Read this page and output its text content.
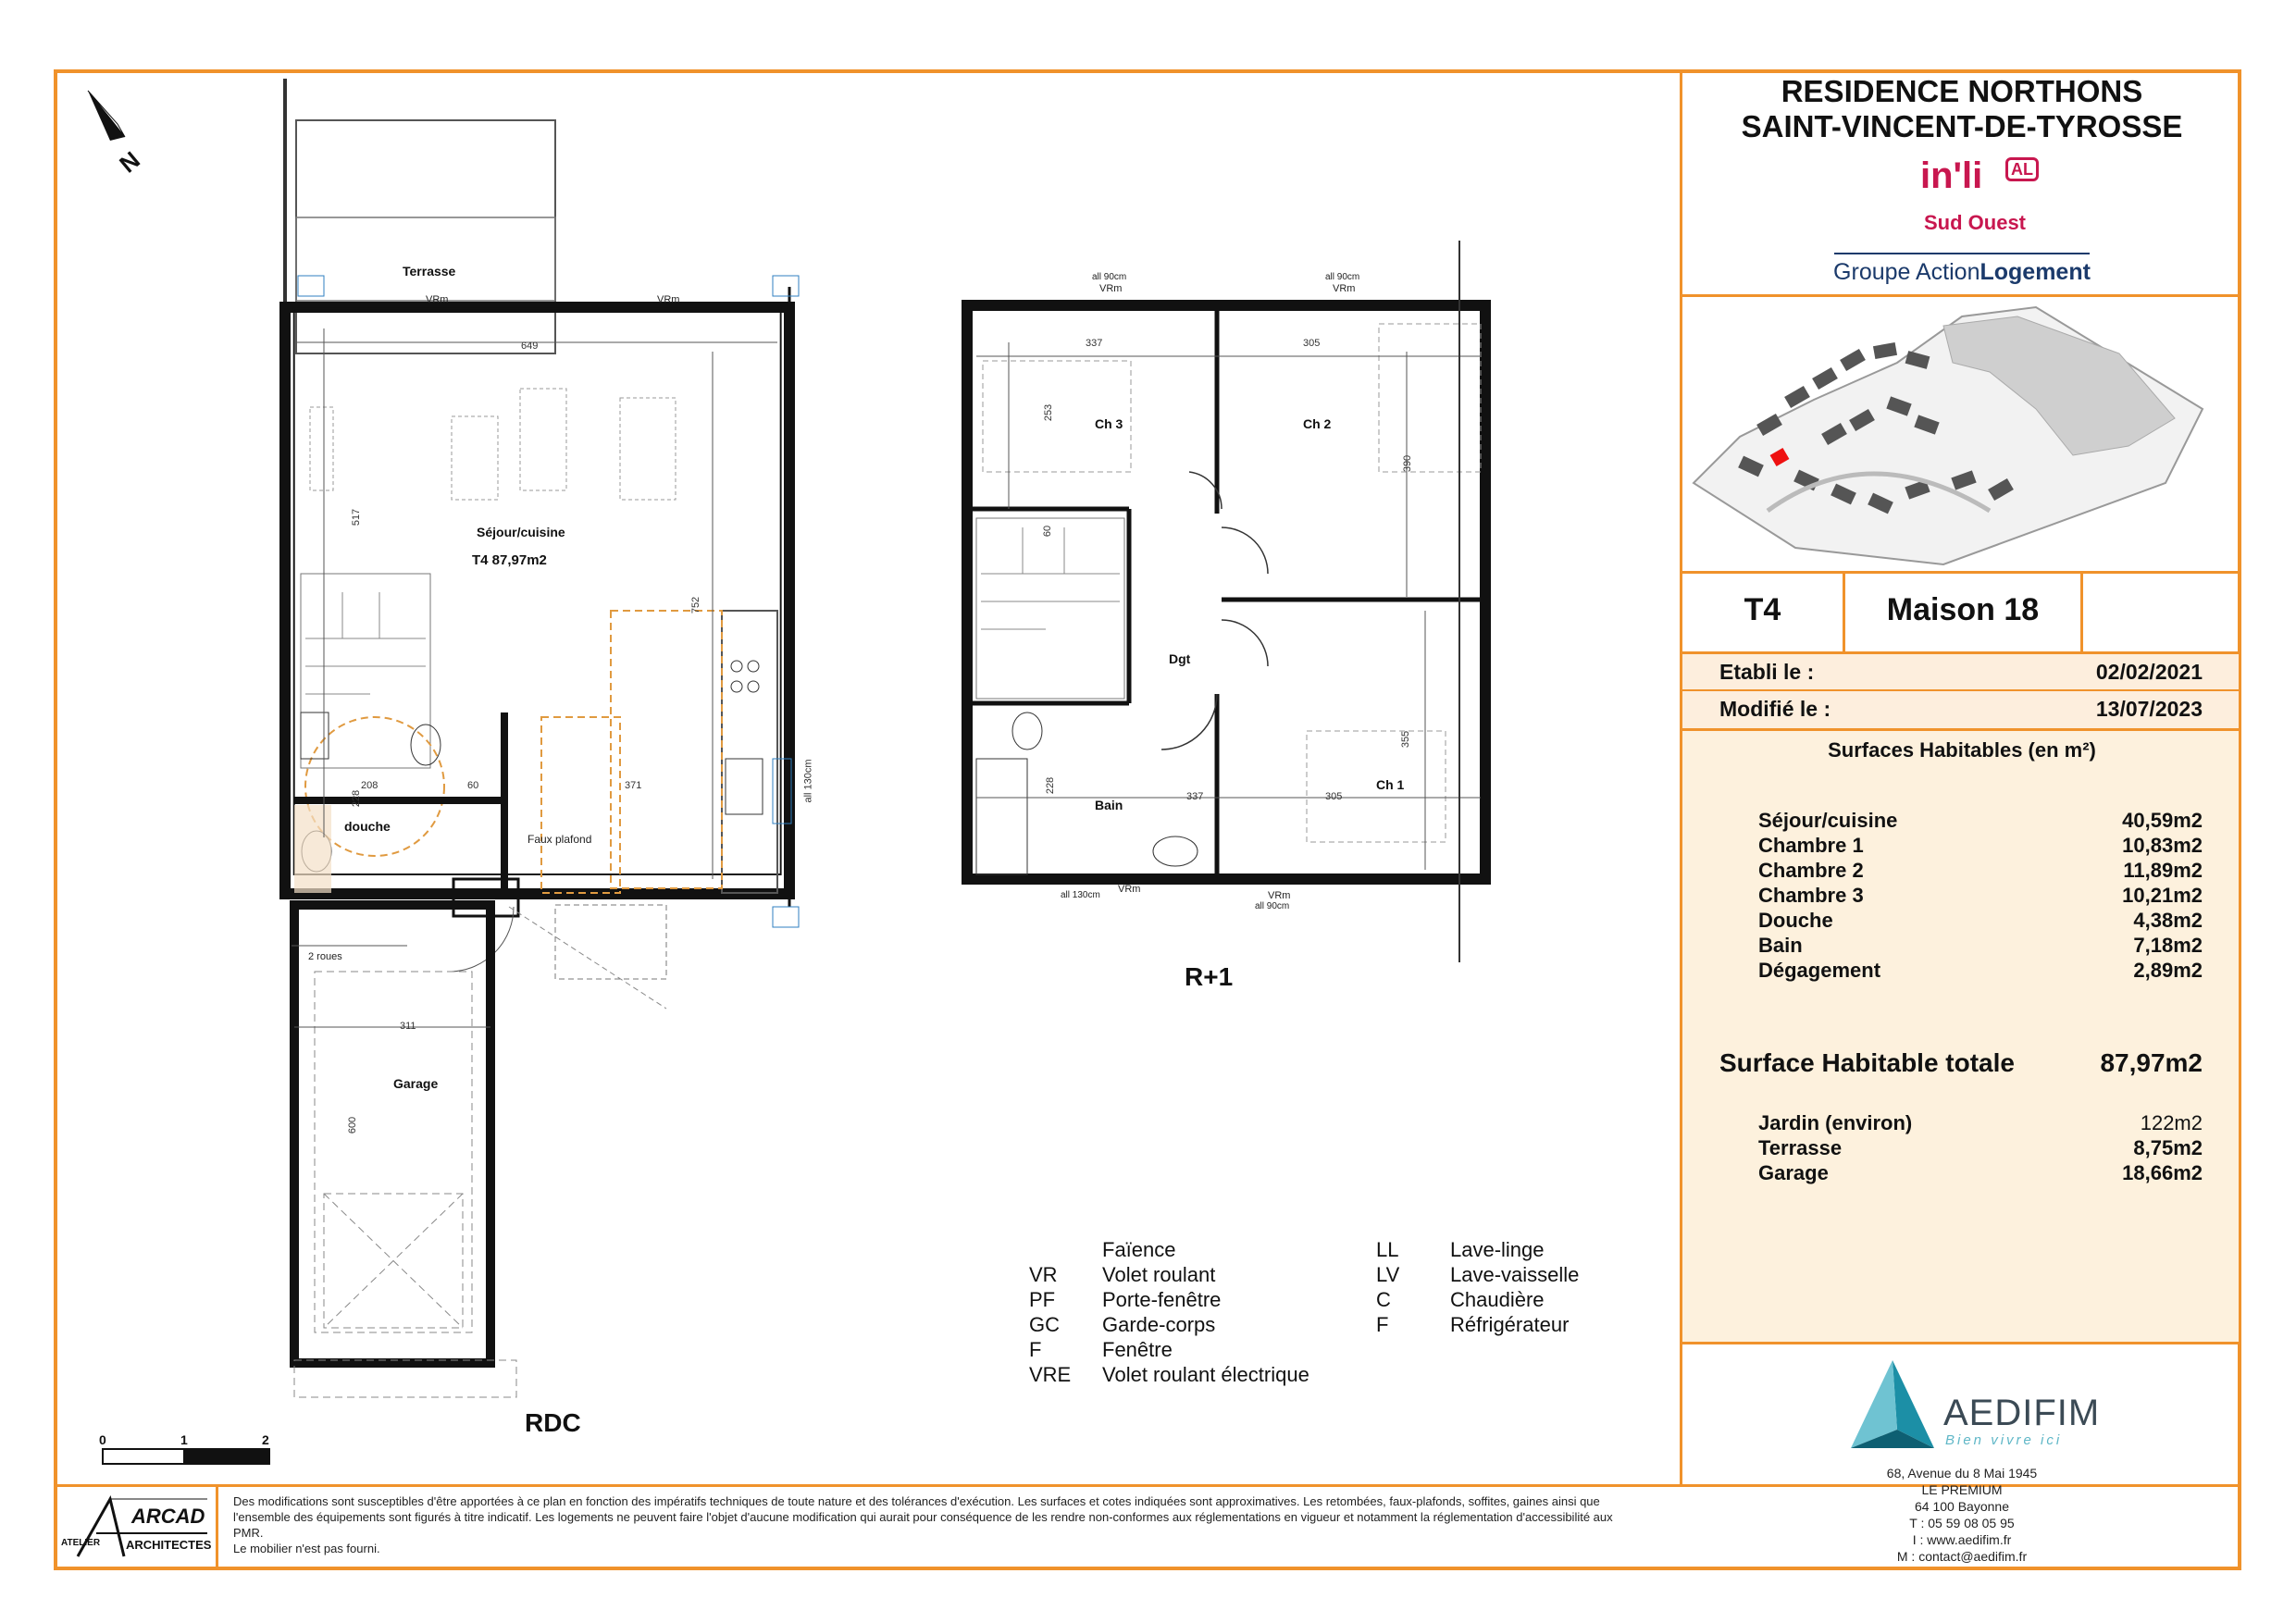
RESIDENCE NORTHONS
SAINT-VINCENT-DE-TYROSSE
in'li	AL
Sud Ouest
Groupe ActionLogement
T4	Maison 18
Etabli le :	02/02/2021
Modifié le :	13/07/2023
Surfaces Habitables (en m²)
Séjour/cuisine	40,59m2
Chambre 1	10,83m2
Chambre 2	11,89m2
Chambre 3	10,21m2
Douche	4,38m2
Bain	7,18m2
Dégagement	2,89m2
Surface Habitable totale	87,97m2
Jardin (environ)	122m2
Terrasse	8,75m2
Garage	18,66m2
AEDIFIM
Bien vivre ici
68, Avenue du 8 Mai 1945
LE PREMIUM
64 100 Bayonne
T : 05 59 08 05 95
I : www.aedifim.fr
M : contact@aedifim.fr
ARCAD
ATELIER ARCHITECTES
Des modifications sont susceptibles d'être apportées à ce plan en fonction des impératifs techniques de toute nature et des tolérances d'exécution. Les surfaces et cotes indiquées sont approximatives. Les retombées, faux-plafonds, soffites, gaines ainsi que l'ensemble des équipements sont figurés à titre indicatif. Les logements ne peuvent faire l'objet d'aucune modification qui aurait pour conséquence de les rendre non-conformes aux réglementations en vigueur et notamment la réglementation d'accessibilité aux PMR.
Le mobilier n'est pas fourni.
Faïence
VR Volet roulant
PF Porte-fenêtre
GC Garde-corps
F	Fenêtre
VRE Volet roulant électrique
LL	Lave-linge
LV Lave-vaisselle
C	Chaudière
F	Réfrigérateur
N
RDC
R+1
0	1	2
Terrasse
Séjour/cuisine
T4 87,97m2
douche
Garage
Faux plafond
2 roues
VRm	VRm
649
517
752
208	371
311
600
228
60	all 130cm
Ch 3	Ch 2
Ch 1
Dgt
Bain
VRm	VRm
VRm
VRm
all 90cm	all 90cm
all 90cm
all 130cm
337	305
253
390
60
355
228
337	305
